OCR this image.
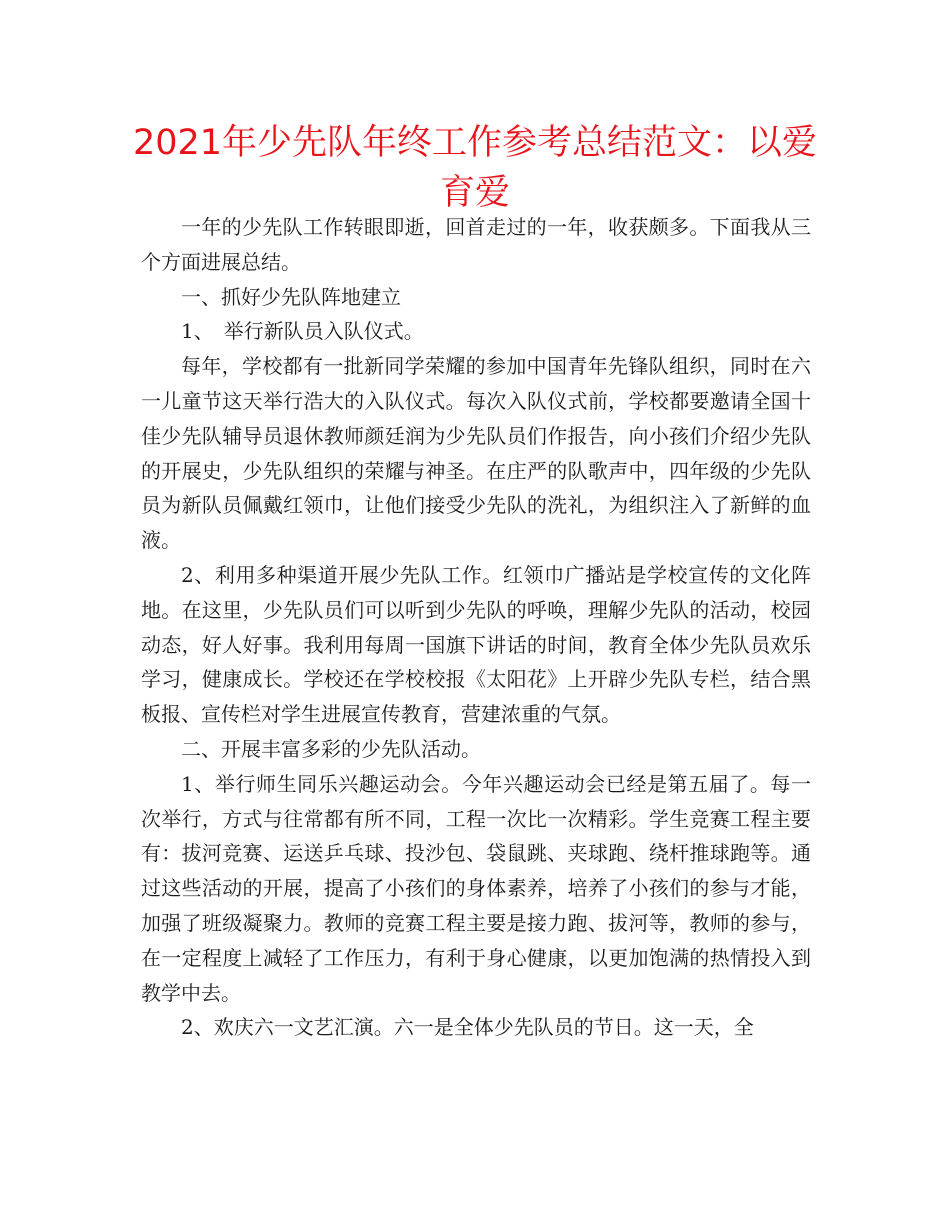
2021年少先队年终工作参考总结范文：以爱育爱

一年的少先队工作转眼即逝，回首走过的一年，收获颇多。下面我从三个方面进展总结。

一、抓好少先队阵地建立

1、　举行新队员入队仪式。

每年，学校都有一批新同学荣耀的参加中国青年先锋队组织，同时在六一儿童节这天举行浩大的入队仪式。每次入队仪式前，学校都要邀请全国十佳少先队辅导员退休教师颜廷润为少先队员们作报告，向小孩们介绍少先队的开展史，少先队组织的荣耀与神圣。在庄严的队歌声中，四年级的少先队员为新队员佩戴红领巾，让他们接受少先队的洗礼，为组织注入了新鲜的血液。

2、利用多种渠道开展少先队工作。红领巾广播站是学校宣传的文化阵地。在这里，少先队员们可以听到少先队的呼唤，理解少先队的活动，校园动态，好人好事。我利用每周一国旗下讲话的时间，教育全体少先队员欢乐学习，健康成长。学校还在学校校报《太阳花》上开辟少先队专栏，结合黑板报、宣传栏对学生进展宣传教育，营建浓重的气氛。

二、开展丰富多彩的少先队活动。

1、举行师生同乐兴趣运动会。今年兴趣运动会已经是第五届了。每一次举行，方式与往常都有所不同，工程一次比一次精彩。学生竞赛工程主要有：拔河竞赛、运送乒乓球、投沙包、袋鼠跳、夹球跑、绕杆推球跑等。通过这些活动的开展，提高了小孩们的身体素养，培养了小孩们的参与才能，加强了班级凝聚力。教师的竞赛工程主要是接力跑、拔河等，教师的参与，在一定程度上减轻了工作压力，有利于身心健康，以更加饱满的热情投入到教学中去。

2、欢庆六一文艺汇演。六一是全体少先队员的节日。这一天，全
